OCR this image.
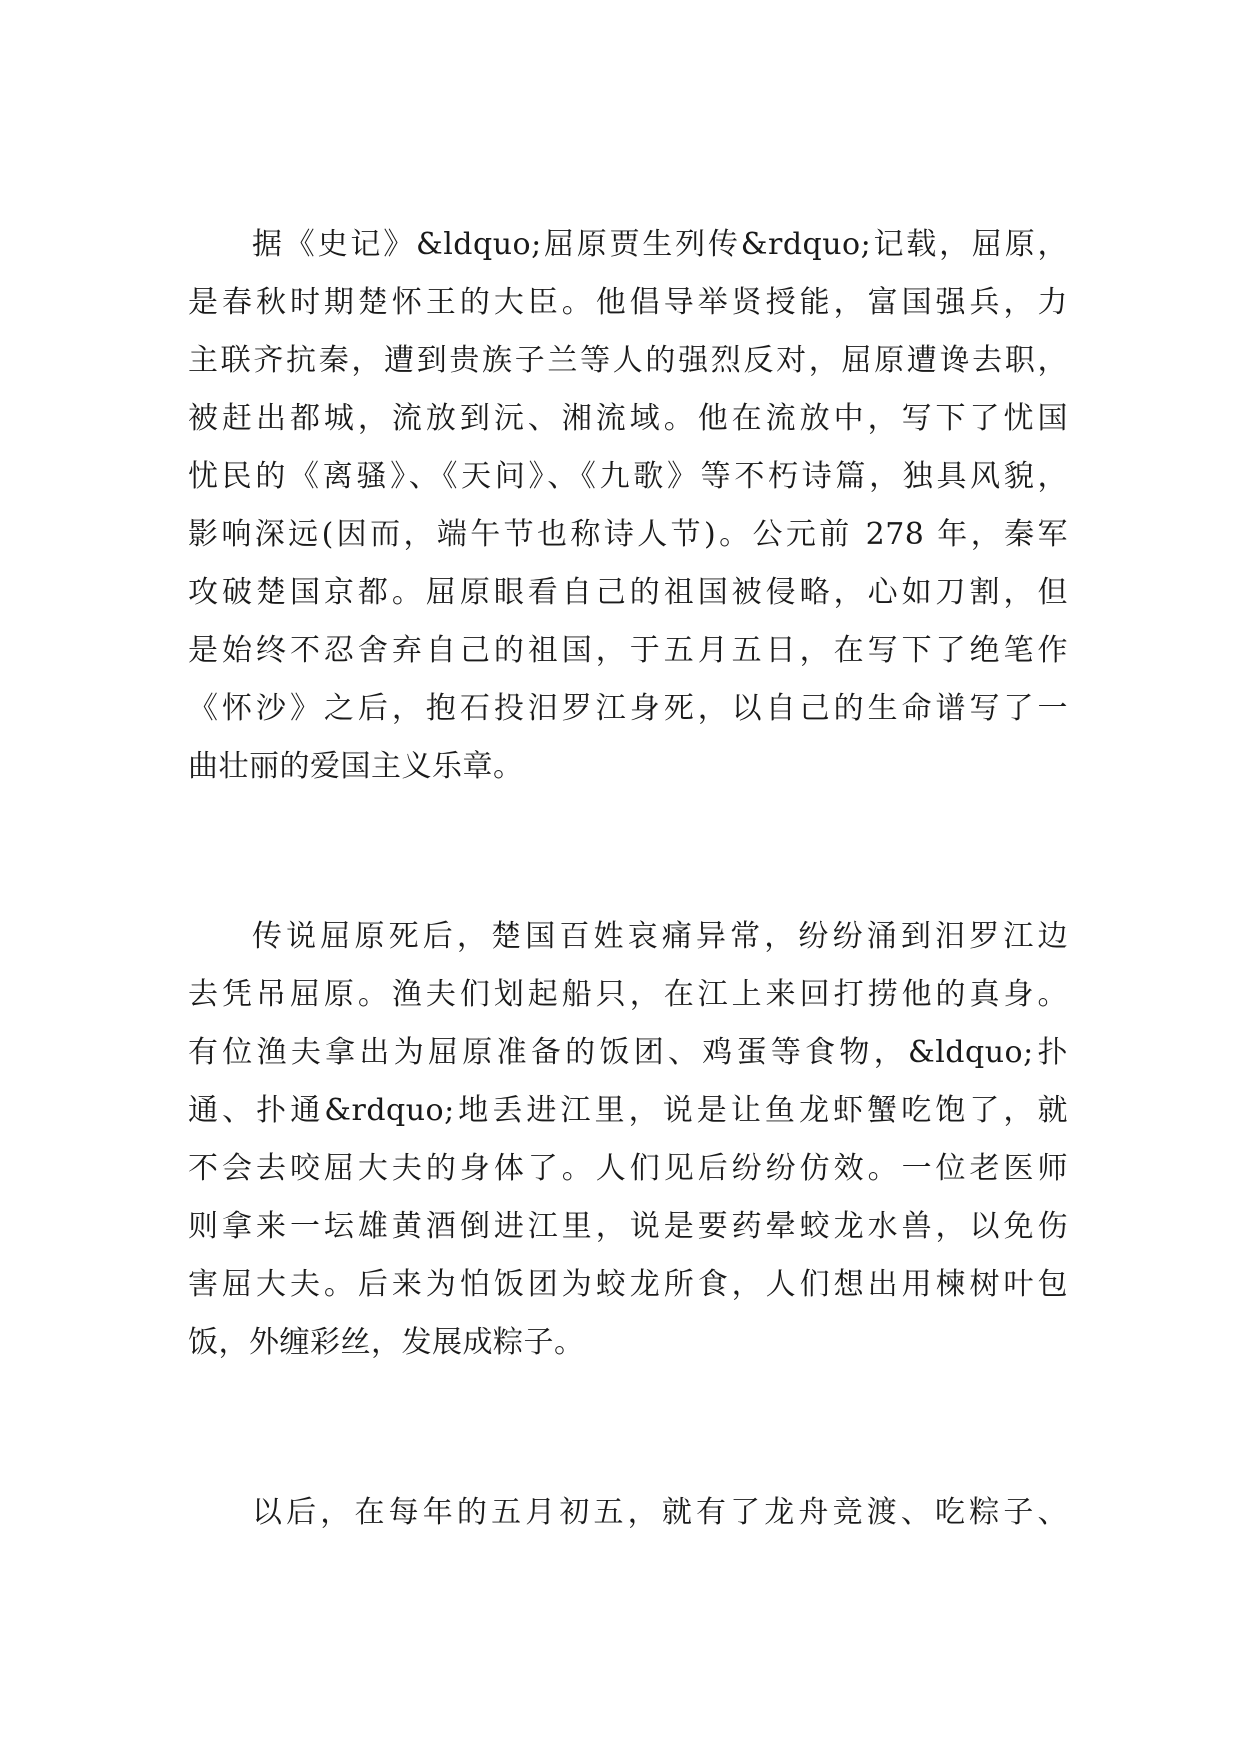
据《史记》&ldquo;屈原贾生列传&rdquo;记载，屈原，
是春秋时期楚怀王的大臣。他倡导举贤授能，富国强兵，力
主联齐抗秦，遭到贵族子兰等人的强烈反对，屈原遭谗去职，
被赶出都城，流放到沅、湘流域。他在流放中，写下了忧国
忧民的《离骚》、《天问》、《九歌》等不朽诗篇，独具风貌，
影响深远(因而，端午节也称诗人节)。公元前 278 年，秦军
攻破楚国京都。屈原眼看自己的祖国被侵略，心如刀割，但
是始终不忍舍弃自己的祖国，于五月五日，在写下了绝笔作
《怀沙》之后，抱石投汨罗江身死，以自己的生命谱写了一
曲壮丽的爱国主义乐章。
传说屈原死后，楚国百姓哀痛异常，纷纷涌到汨罗江边
去凭吊屈原。渔夫们划起船只，在江上来回打捞他的真身。
有位渔夫拿出为屈原准备的饭团、鸡蛋等食物，&ldquo;扑
通、扑通&rdquo;地丢进江里，说是让鱼龙虾蟹吃饱了，就
不会去咬屈大夫的身体了。人们见后纷纷仿效。一位老医师
则拿来一坛雄黄酒倒进江里，说是要药晕蛟龙水兽，以免伤
害屈大夫。后来为怕饭团为蛟龙所食，人们想出用楝树叶包
饭，外缠彩丝，发展成粽子。
以后，在每年的五月初五，就有了龙舟竞渡、吃粽子、
